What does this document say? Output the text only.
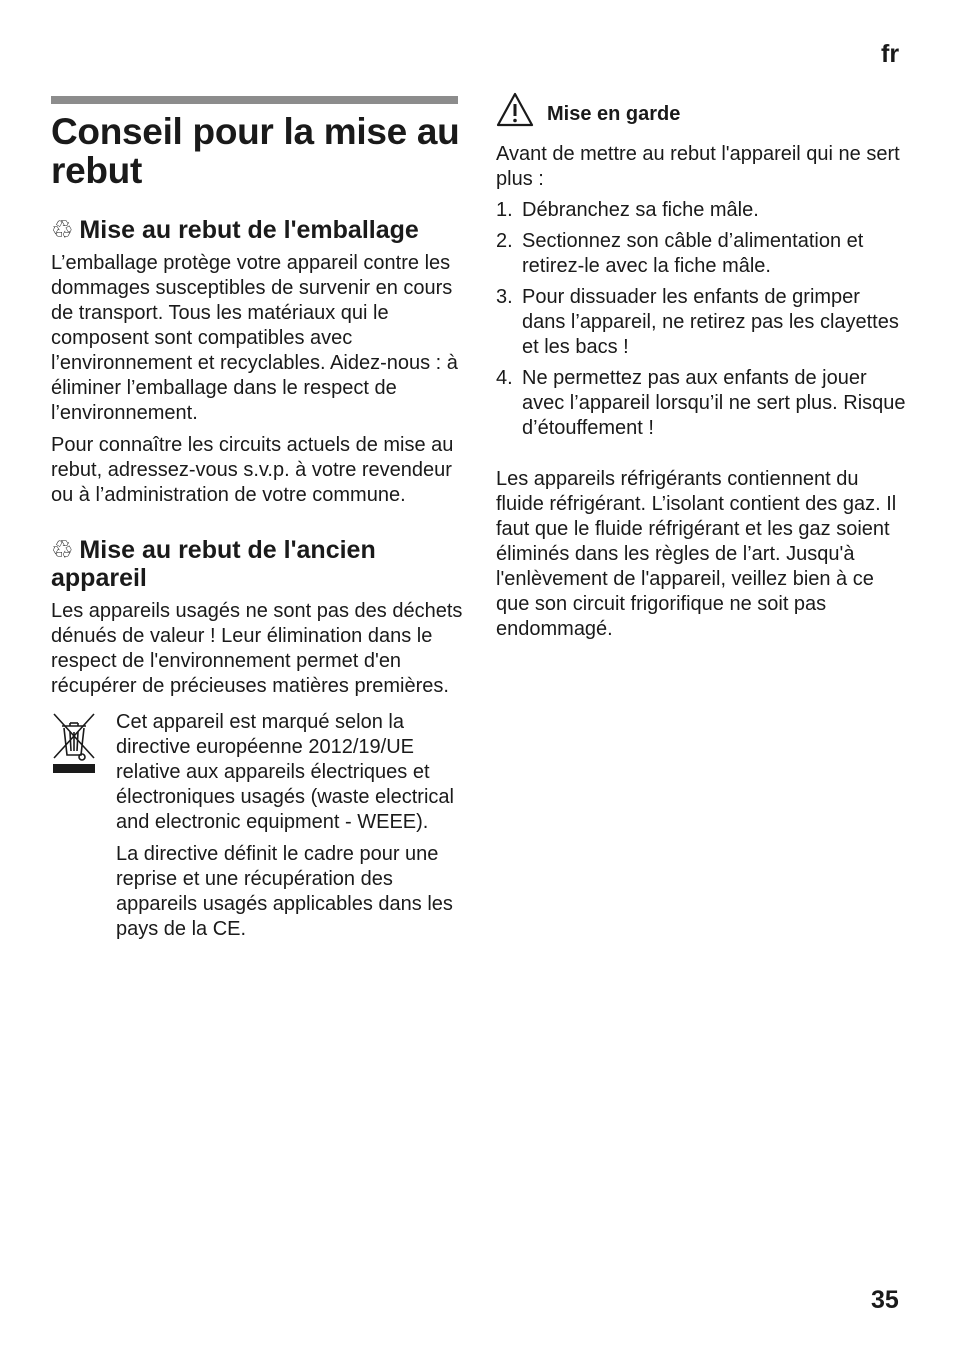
fr
Conseil pour la mise au rebut
♲ Mise au rebut de l'emballage

L’emballage protège votre appareil contre les dommages susceptibles de survenir en cours de transport. Tous les matériaux qui le composent sont compatibles avec l’environnement et recyclables. Aidez-nous : à éliminer l’emballage dans le respect de l’environnement.

Pour connaître les circuits actuels de mise au rebut, adressez-vous s.v.p. à votre revendeur ou à l’administration de votre commune.

♲ Mise au rebut de l'ancien appareil

Les appareils usagés ne sont pas des déchets dénués de valeur ! Leur élimination dans le respect de l'environnement permet d'en récupérer de précieuses matières premières.

Cet appareil est marqué selon la directive européenne 2012/19/UE relative aux appareils électriques et électroniques usagés (waste electrical and electronic equipment - WEEE).

La directive définit le cadre pour une reprise et une récupération des appareils usagés applicables dans les pays de la CE.

Mise en garde

Avant de mettre au rebut l'appareil qui ne sert plus :

1. Débranchez sa fiche mâle.
2. Sectionnez son câble d’alimentation et retirez-le avec la fiche mâle.
3. Pour dissuader les enfants de grimper dans l’appareil, ne retirez pas les clayettes et les bacs !
4. Ne permettez pas aux enfants de jouer avec l’appareil lorsqu’il ne sert plus. Risque d’étouffement !

Les appareils réfrigérants contiennent du fluide réfrigérant. L’isolant contient des gaz. Il faut que le fluide réfrigérant et les gaz soient éliminés dans les règles de l’art. Jusqu'à l'enlèvement de l'appareil, veillez bien à ce que son circuit frigorifique ne soit pas endommagé.

35
